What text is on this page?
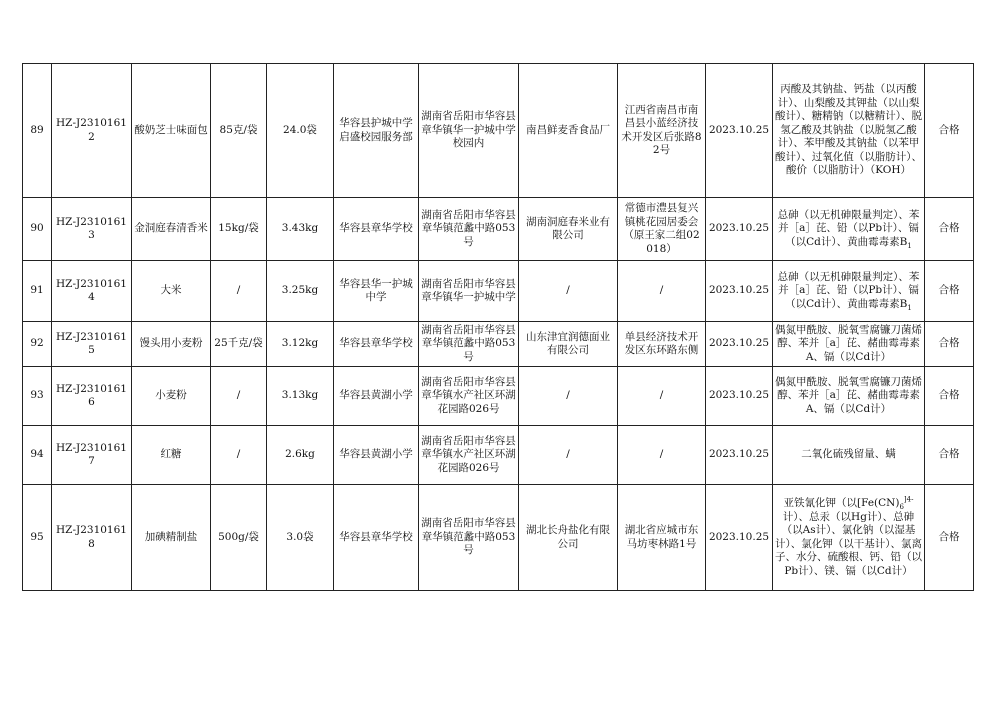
89	HZ-J23101612	酸奶芝士味面包	85克/袋	24.0袋	华容县护城中学启盛校园服务部	湖南省岳阳市华容县章华镇华一护城中学校园内	南昌鲜麦香食品厂	江西省南昌市南昌县小蓝经济技术开发区后张路82号	2023.10.25	丙酸及其钠盐、钙盐（以丙酸计）、山梨酸及其钾盐（以山梨酸计）、糖精钠（以糖精计）、脱氢乙酸及其钠盐（以脱氢乙酸计）、苯甲酸及其钠盐（以苯甲酸计）、过氧化值（以脂肪计）、酸价（以脂肪计）（KOH）	合格
90	HZ-J23101613	金洞庭春清香米	15kg/袋	3.43kg	华容县章华学校	湖南省岳阳市华容县章华镇范蠡中路053号	湖南洞庭春米业有限公司	常德市澧县复兴镇桃花园居委会（原王家二组02018）	2023.10.25	总砷（以无机砷限量判定）、苯并［a］芘、铅（以Pb计）、镉（以Cd计）、黄曲霉毒素$B_1$	合格
91	HZ-J23101614	大米	/	3.25kg	华容县华一护城中学	湖南省岳阳市华容县章华镇华一护城中学	/	/	2023.10.25	总砷（以无机砷限量判定）、苯并［a］芘、铅（以Pb计）、镉（以Cd计）、黄曲霉毒素$B_1$	合格
92	HZ-J23101615	馒头用小麦粉	25千克/袋	3.12kg	华容县章华学校	湖南省岳阳市华容县章华镇范蠡中路053号	山东津宜润德面业有限公司	单县经济技术开发区东环路东侧	2023.10.25	偶氮甲酰胺、脱氧雪腐镰刀菌烯醇、苯并［a］芘、赭曲霉毒素A、镉（以Cd计）	合格
93	HZ-J23101616	小麦粉	/	3.13kg	华容县黄湖小学	湖南省岳阳市华容县章华镇水产社区环湖花园路026号	/	/	2023.10.25	偶氮甲酰胺、脱氧雪腐镰刀菌烯醇、苯并［a］芘、赭曲霉毒素A、镉（以Cd计）	合格
94	HZ-J23101617	红糖	/	2.6kg	华容县黄湖小学	湖南省岳阳市华容县章华镇水产社区环湖花园路026号	/	/	2023.10.25	二氧化硫残留量、螨	合格
95	HZ-J23101618	加碘精制盐	500g/袋	3.0袋	华容县章华学校	湖南省岳阳市华容县章华镇范蠡中路053号	湖北长舟盐化有限公司	湖北省应城市东马坊枣林路1号	2023.10.25	亚铁氰化钾（以[$Fe(CN)_6^{]4-}$计）、总汞（以Hg计）、总砷（以As计）、氯化钠（以湿基计）、氯化钾（以干基计）、氯离子、水分、硫酸根、钙、铅（以Pb计）、镁、镉（以Cd计）	合格
